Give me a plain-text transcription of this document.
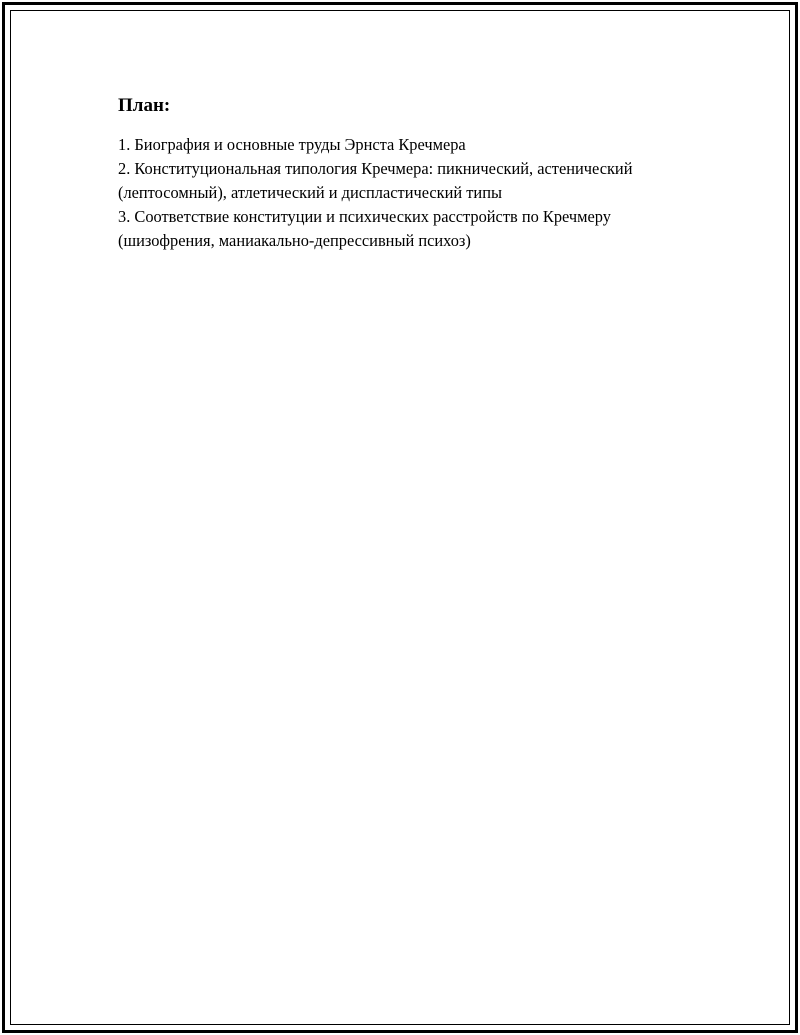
План:
1. Биография и основные труды Эрнста Кречмера
2. Конституциональная типология Кречмера: пикнический, астенический (лептосомный), атлетический и диспластический типы
3. Соответствие конституции и психических расстройств по Кречмеру (шизофрения, маниакально-депрессивный психоз)
